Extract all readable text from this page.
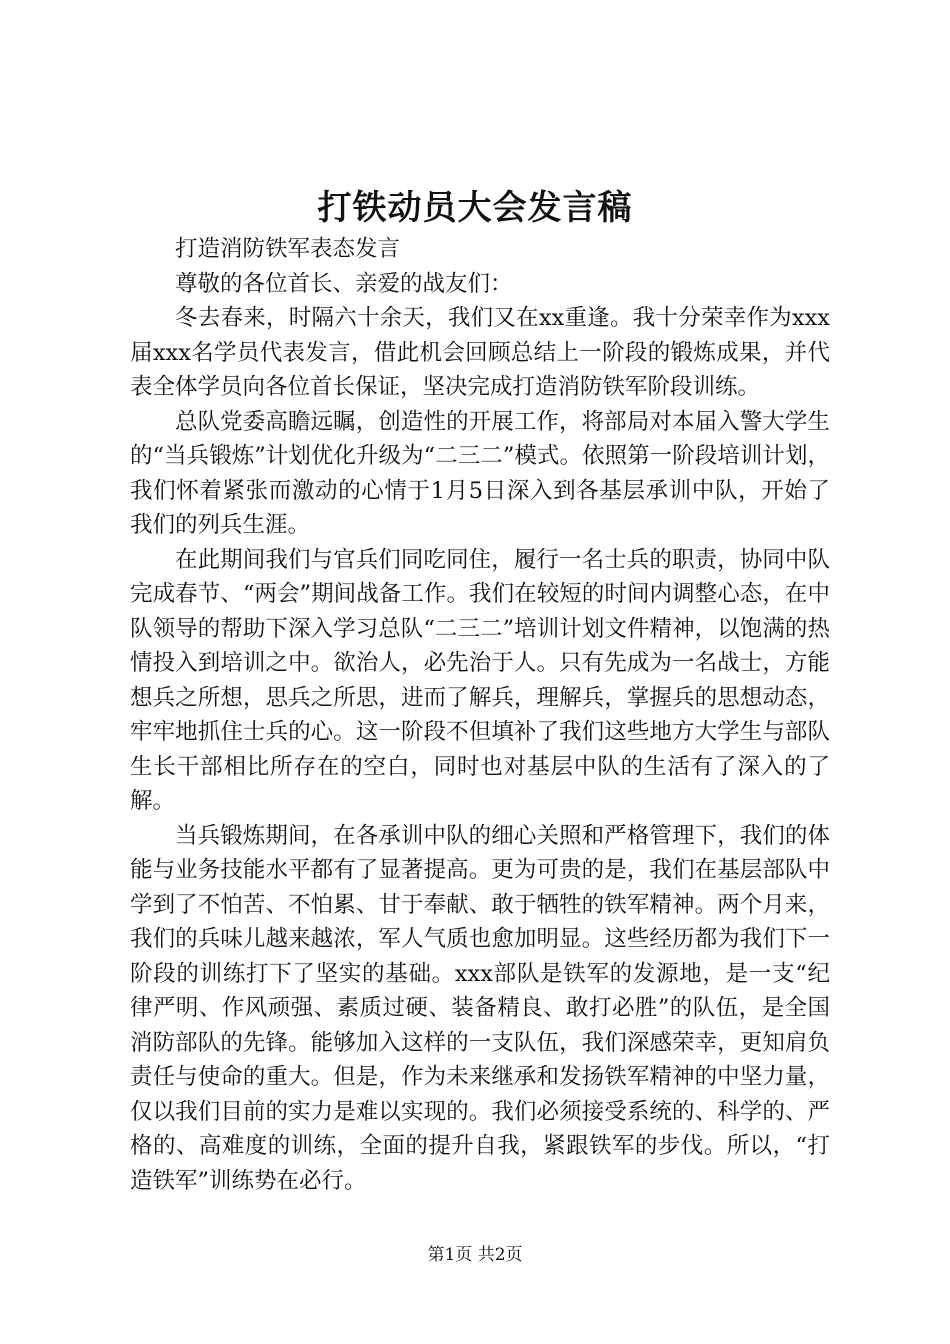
打铁动员大会发言稿

打造消防铁军表态发言

尊敬的各位首长、亲爱的战友们：

冬去春来，时隔六十余天，我们又在xx重逢。我十分荣幸作为xxx届xxx名学员代表发言，借此机会回顾总结上一阶段的锻炼成果，并代表全体学员向各位首长保证，坚决完成打造消防铁军阶段训练。

总队党委高瞻远瞩，创造性的开展工作，将部局对本届入警大学生的“当兵锻炼”计划优化升级为“二三二”模式。依照第一阶段培训计划，我们怀着紧张而激动的心情于1月5日深入到各基层承训中队，开始了我们的列兵生涯。

在此期间我们与官兵们同吃同住，履行一名士兵的职责，协同中队完成春节、“两会”期间战备工作。我们在较短的时间内调整心态，在中队领导的帮助下深入学习总队“二三二”培训计划文件精神，以饱满的热情投入到培训之中。欲治人，必先治于人。只有先成为一名战士，方能想兵之所想，思兵之所思，进而了解兵，理解兵，掌握兵的思想动态，牢牢地抓住士兵的心。这一阶段不但填补了我们这些地方大学生与部队生长干部相比所存在的空白，同时也对基层中队的生活有了深入的了解。

当兵锻炼期间，在各承训中队的细心关照和严格管理下，我们的体能与业务技能水平都有了显著提高。更为可贵的是，我们在基层部队中学到了不怕苦、不怕累、甘于奉献、敢于牺牲的铁军精神。两个月来，我们的兵味儿越来越浓，军人气质也愈加明显。这些经历都为我们下一阶段的训练打下了坚实的基础。xxx部队是铁军的发源地，是一支“纪律严明、作风顽强、素质过硬、装备精良、敢打必胜”的队伍，是全国消防部队的先锋。能够加入这样的一支队伍，我们深感荣幸，更知肩负责任与使命的重大。但是，作为未来继承和发扬铁军精神的中坚力量，仅以我们目前的实力是难以实现的。我们必须接受系统的、科学的、严格的、高难度的训练，全面的提升自我，紧跟铁军的步伐。所以，“打造铁军”训练势在必行。

第1页 共2页
